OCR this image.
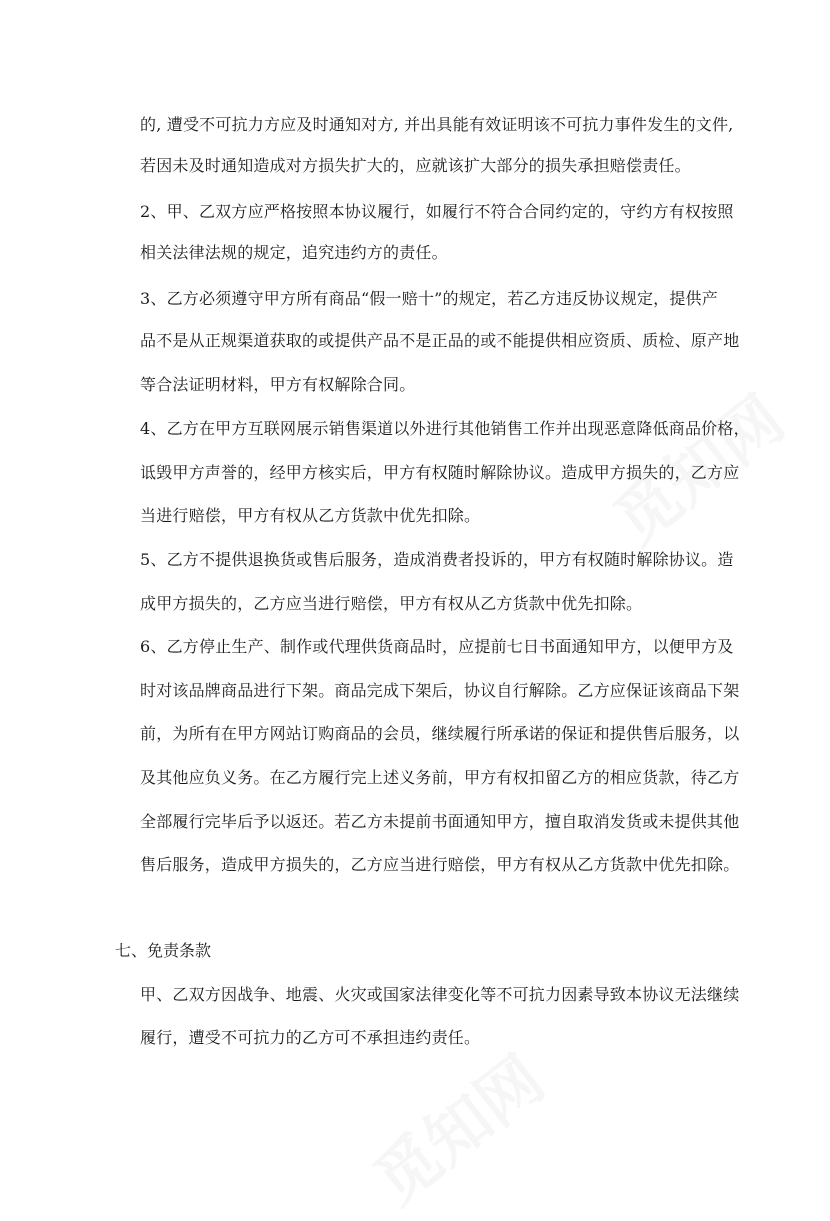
觅知网
觅知网
的, 遭受不可抗力方应及时通知对方, 并出具能有效证明该不可抗力事件发生的文件,
若因未及时通知造成对方损失扩大的，应就该扩大部分的损失承担赔偿责任。
2、甲、乙双方应严格按照本协议履行，如履行不符合合同约定的，守约方有权按照
相关法律法规的规定，追究违约方的责任。
3、乙方必须遵守甲方所有商品“假一赔十”的规定，若乙方违反协议规定，提供产
品不是从正规渠道获取的或提供产品不是正品的或不能提供相应资质、质检、原产地
等合法证明材料，甲方有权解除合同。
4、乙方在甲方互联网展示销售渠道以外进行其他销售工作并出现恶意降低商品价格，
诋毁甲方声誉的，经甲方核实后，甲方有权随时解除协议。造成甲方损失的，乙方应
当进行赔偿，甲方有权从乙方货款中优先扣除。
5、乙方不提供退换货或售后服务，造成消费者投诉的，甲方有权随时解除协议。造
成甲方损失的，乙方应当进行赔偿，甲方有权从乙方货款中优先扣除。
6、乙方停止生产、制作或代理供货商品时，应提前七日书面通知甲方，以便甲方及
时对该品牌商品进行下架。商品完成下架后，协议自行解除。乙方应保证该商品下架
前，为所有在甲方网站订购商品的会员，继续履行所承诺的保证和提供售后服务，以
及其他应负义务。在乙方履行完上述义务前，甲方有权扣留乙方的相应货款，待乙方
全部履行完毕后予以返还。若乙方未提前书面通知甲方，擅自取消发货或未提供其他
售后服务，造成甲方损失的，乙方应当进行赔偿，甲方有权从乙方货款中优先扣除。
七、免责条款
甲、乙双方因战争、地震、火灾或国家法律变化等不可抗力因素导致本协议无法继续
履行，遭受不可抗力的乙方可不承担违约责任。
